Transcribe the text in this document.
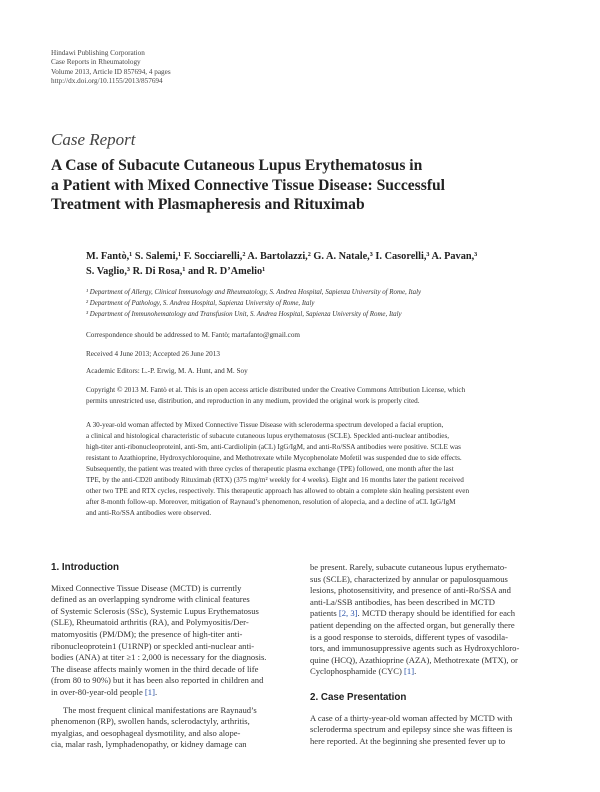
Hindawi Publishing Corporation
Case Reports in Rheumatology
Volume 2013, Article ID 857694, 4 pages
http://dx.doi.org/10.1155/2013/857694
Case Report
A Case of Subacute Cutaneous Lupus Erythematosus in
a Patient with Mixed Connective Tissue Disease: Successful
Treatment with Plasmapheresis and Rituximab
M. Fantò,¹ S. Salemi,¹ F. Socciarelli,² A. Bartolazzi,² G. A. Natale,³ I. Casorelli,³ A. Pavan,³
S. Vaglio,³ R. Di Rosa,¹ and R. D’Amelio¹
¹ Department of Allergy, Clinical Immunology and Rheumatology, S. Andrea Hospital, Sapienza University of Rome, Italy
² Department of Pathology, S. Andrea Hospital, Sapienza University of Rome, Italy
³ Department of Immunohematology and Transfusion Unit, S. Andrea Hospital, Sapienza University of Rome, Italy
Correspondence should be addressed to M. Fantò; martafanto@gmail.com
Received 4 June 2013; Accepted 26 June 2013
Academic Editors: L.-P. Erwig, M. A. Hunt, and M. Soy
Copyright © 2013 M. Fantò et al. This is an open access article distributed under the Creative Commons Attribution License, which
permits unrestricted use, distribution, and reproduction in any medium, provided the original work is properly cited.
A 30-year-old woman affected by Mixed Connective Tissue Disease with scleroderma spectrum developed a facial eruption,
a clinical and histological characteristic of subacute cutaneous lupus erythematosus (SCLE). Speckled anti-nuclear antibodies,
high-titer anti-ribonucleoproteinl, anti-Sm, anti-Cardiolipin (aCL) IgG/IgM, and anti-Ro/SSA antibodies were positive. SCLE was
resistant to Azathioprine, Hydroxychloroquine, and Methotrexate while Mycophenolate Mofetil was suspended due to side effects.
Subsequently, the patient was treated with three cycles of therapeutic plasma exchange (TPE) followed, one month after the last
TPE, by the anti-CD20 antibody Rituximab (RTX) (375 mg/m² weekly for 4 weeks). Eight and 16 months later the patient received
other two TPE and RTX cycles, respectively. This therapeutic approach has allowed to obtain a complete skin healing persistent even
after 8-month follow-up. Moreover, mitigation of Raynaud’s phenomenon, resolution of alopecia, and a decline of aCL IgG/IgM
and anti-Ro/SSA antibodies were observed.
1. Introduction
Mixed Connective Tissue Disease (MCTD) is currently
defined as an overlapping syndrome with clinical features
of Systemic Sclerosis (SSc), Systemic Lupus Erythematosus
(SLE), Rheumatoid arthritis (RA), and Polymyositis/Der-
matomyositis (PM/DM); the presence of high-titer anti-
ribonucleoprotein1 (U1RNP) or speckled anti-nuclear anti-
bodies (ANA) at titer ≥1 : 2,000 is necessary for the diagnosis.
The disease affects mainly women in the third decade of life
(from 80 to 90%) but it has been also reported in children and
in over-80-year-old people [1].
The most frequent clinical manifestations are Raynaud’s
phenomenon (RP), swollen hands, sclerodactyly, arthritis,
myalgias, and oesophageal dysmotility, and also alope-
cia, malar rash, lymphadenopathy, or kidney damage can
be present. Rarely, subacute cutaneous lupus erythemato-
sus (SCLE), characterized by annular or papulosquamous
lesions, photosensitivity, and presence of anti-Ro/SSA and
anti-La/SSB antibodies, has been described in MCTD
patients [2, 3]. MCTD therapy should be identified for each
patient depending on the affected organ, but generally there
is a good response to steroids, different types of vasodila-
tors, and immunosuppressive agents such as Hydroxychloro-
quine (HCQ), Azathioprine (AZA), Methotrexate (MTX), or
Cyclophosphamide (CYC) [1].
2. Case Presentation
A case of a thirty-year-old woman affected by MCTD with
scleroderma spectrum and epilepsy since she was fifteen is
here reported. At the beginning she presented fever up to
